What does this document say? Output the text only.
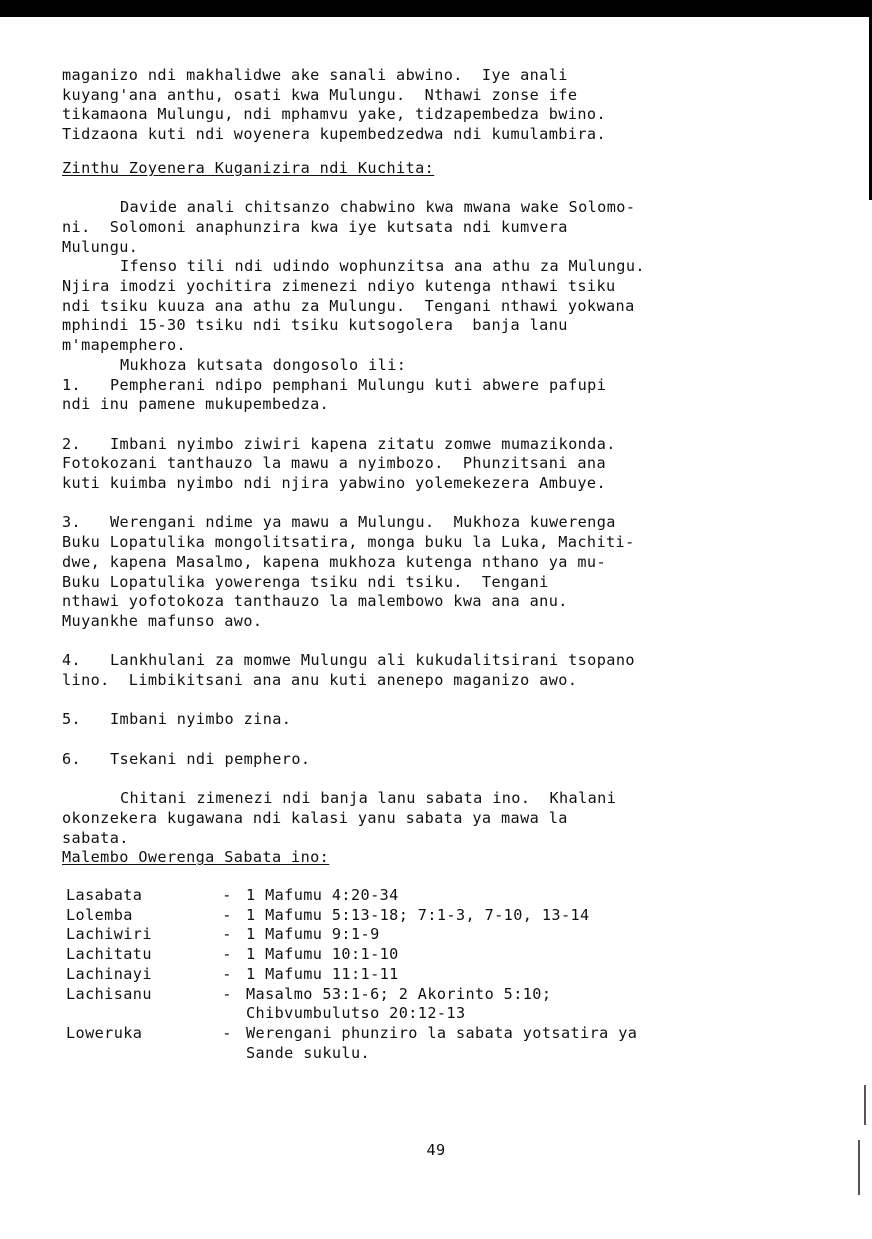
maganizo ndi makhalidwe ake sanali abwino.  Iye anali

kuyang'ana anthu, osati kwa Mulungu.  Nthawi zonse ife

tikamaona Mulungu, ndi mphamvu yake, tidzapembedza bwino.

Tidzaona kuti ndi woyenera kupembedzedwa ndi kumulambira.

Zinthu Zoyenera Kuganizira ndi Kuchita:

Davide anali chitsanzo chabwino kwa mwana wake Solomo-
ni.  Solomoni anaphunzira kwa iye kutsata ndi kumvera
Mulungu.

Ifenso tili ndi udindo wophunzitsa ana athu za Mulungu.
Njira imodzi yochitira zimenezi ndiyo kutenga nthawi tsiku
ndi tsiku kuuza ana athu za Mulungu.  Tengani nthawi yokwana
mphindi 15-30 tsiku ndi tsiku kutsogolera  banja lanu
m'mapemphero.

Mukhoza kutsata dongosolo ili:

1. Pempherani ndipo pemphani Mulungu kuti abwere pafupi
ndi inu pamene mukupembedza.

2. Imbani nyimbo ziwiri kapena zitatu zomwe mumazikonda.
Fotokozani tanthauzo la mawu a nyimbozo.  Phunzitsani ana
kuti kuimba nyimbo ndi njira yabwino yolemekezera Ambuye.

3. Werengani ndime ya mawu a Mulungu.  Mukhoza kuwerenga
Buku Lopatulika mongolitsatira, monga buku la Luka, Machiti-
dwe, kapena Masalmo, kapena mukhoza kutenga nthano ya mu-
Buku Lopatulika yowerenga tsiku ndi tsiku.  Tengani
nthawi yofotokoza tanthauzo la malembowo kwa ana anu.
Muyankhe mafunso awo.

4. Lankhulani za momwe Mulungu ali kukudalitsirani tsopano
lino.  Limbikitsani ana anu kuti anenepo maganizo awo.

5. Imbani nyimbo zina.

6. Tsekani ndi pemphero.

Chitani zimenezi ndi banja lanu sabata ino.  Khalani
okonzekera kugawana ndi kalasi yanu sabata ya mawa la
sabata.

Malembo Owerenga Sabata ino:

Lasabata	-	1 Mafumu 4:20-34
Lolemba	-	1 Mafumu 5:13-18; 7:1-3, 7-10, 13-14
Lachiwiri	-	1 Mafumu 9:1-9
Lachitatu	-	1 Mafumu 10:1-10
Lachinayi	-	1 Mafumu 11:1-11
Lachisanu	-	Masalmo 53:1-6; 2 Akorinto 5:10;
Chibvumbulutso 20:12-13
Loweruka	-	Werengani phunziro la sabata yotsatira ya
Sande sukulu.
49
